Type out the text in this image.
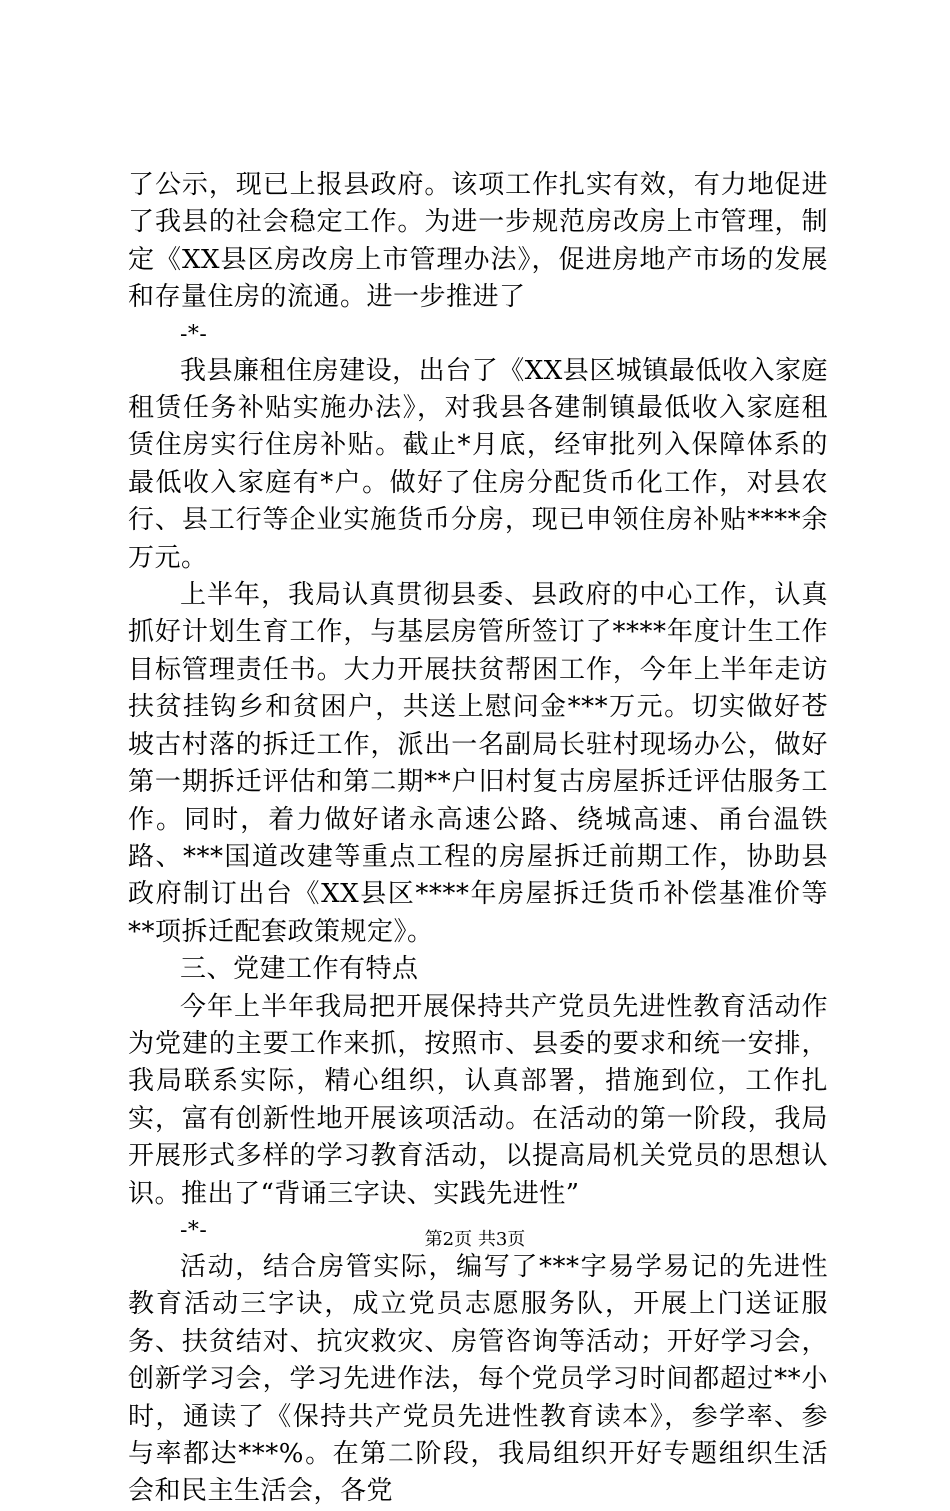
了公示，现已上报县政府。该项工作扎实有效，有力地促进了我县的社会稳定工作。为进一步规范房改房上市管理，制定《XX县区房改房上市管理办法》，促进房地产市场的发展和存量住房的流通。进一步推进了

-*-

我县廉租住房建设，出台了《XX县区城镇最低收入家庭租赁任务补贴实施办法》，对我县各建制镇最低收入家庭租赁住房实行住房补贴。截止*月底，经审批列入保障体系的最低收入家庭有*户。做好了住房分配货币化工作，对县农行、县工行等企业实施货币分房，现已申领住房补贴****余万元。

上半年，我局认真贯彻县委、县政府的中心工作，认真抓好计划生育工作，与基层房管所签订了****年度计生工作目标管理责任书。大力开展扶贫帮困工作，今年上半年走访扶贫挂钩乡和贫困户，共送上慰问金***万元。切实做好苍坡古村落的拆迁工作，派出一名副局长驻村现场办公，做好第一期拆迁评估和第二期**户旧村复古房屋拆迁评估服务工作。同时，着力做好诸永高速公路、绕城高速、甬台温铁路、***国道改建等重点工程的房屋拆迁前期工作，协助县政府制订出台《XX县区****年房屋拆迁货币补偿基准价等**项拆迁配套政策规定》。

三、党建工作有特点

今年上半年我局把开展保持共产党员先进性教育活动作为党建的主要工作来抓，按照市、县委的要求和统一安排，我局联系实际，精心组织，认真部署，措施到位，工作扎实，富有创新性地开展该项活动。在活动的第一阶段，我局开展形式多样的学习教育活动，以提高局机关党员的思想认识。推出了“背诵三字诀、实践先进性”

-*-

活动，结合房管实际，编写了***字易学易记的先进性教育活动三字诀，成立党员志愿服务队，开展上门送证服务、扶贫结对、抗灾救灾、房管咨询等活动；开好学习会，创新学习会，学习先进作法，每个党员学习时间都超过**小时，通读了《保持共产党员先进性教育读本》，参学率、参与率都达***%。在第二阶段，我局组织开好专题组织生活会和民主生活会，各党

第2页 共3页
